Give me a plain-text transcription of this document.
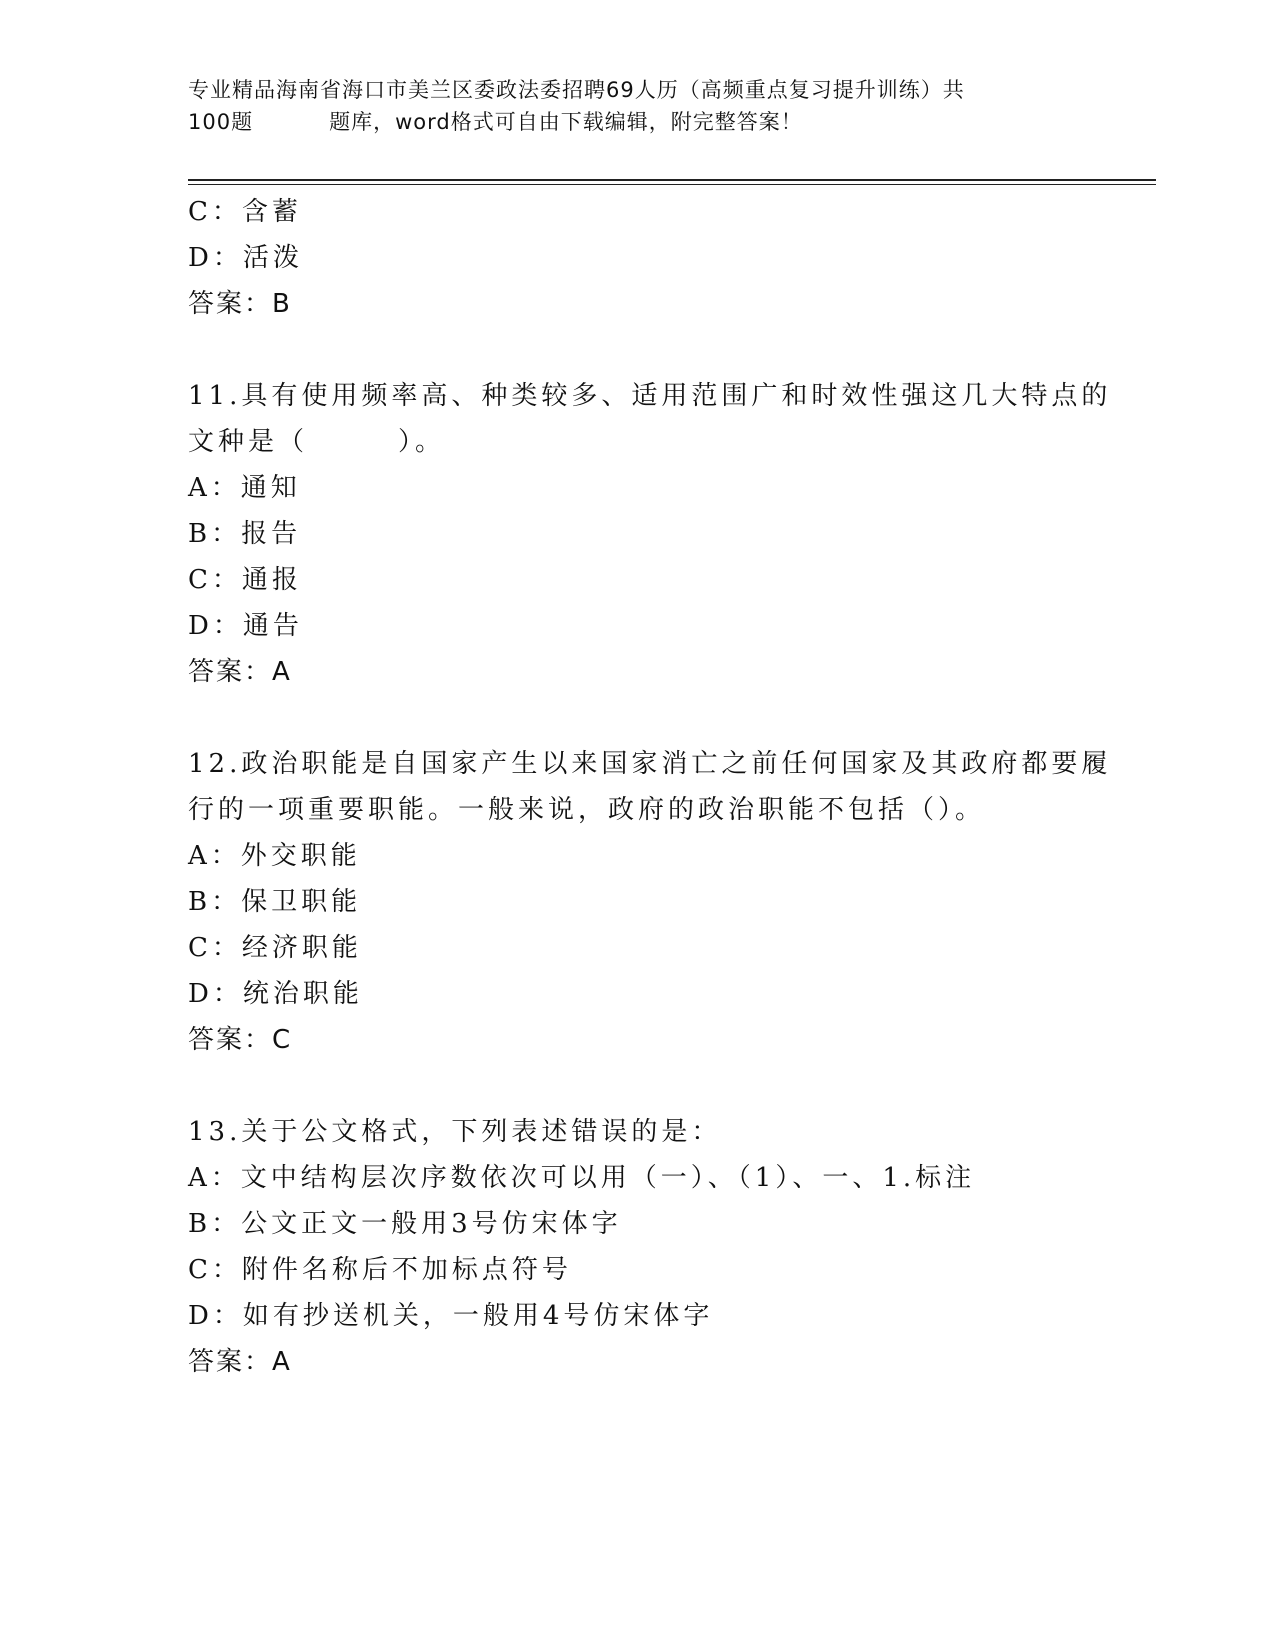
专业精品海南省海口市美兰区委政法委招聘69人历（高频重点复习提升训练）共
100题	题库，word格式可自由下载编辑，附完整答案！
C：含蓄
D：活泼
答案：B
11.具有使用频率高、种类较多、适用范围广和时效性强这几大特点的
文种是（　　　）。
A：通知
B：报告
C：通报
D：通告
答案：A
12.政治职能是自国家产生以来国家消亡之前任何国家及其政府都要履
行的一项重要职能。一般来说，政府的政治职能不包括（）。
A：外交职能
B：保卫职能
C：经济职能
D：统治职能
答案：C
13.关于公文格式，下列表述错误的是：
A：文中结构层次序数依次可以用（一）、（1）、一、1.标注
B：公文正文一般用3号仿宋体字
C：附件名称后不加标点符号
D：如有抄送机关，一般用4号仿宋体字
答案：A
